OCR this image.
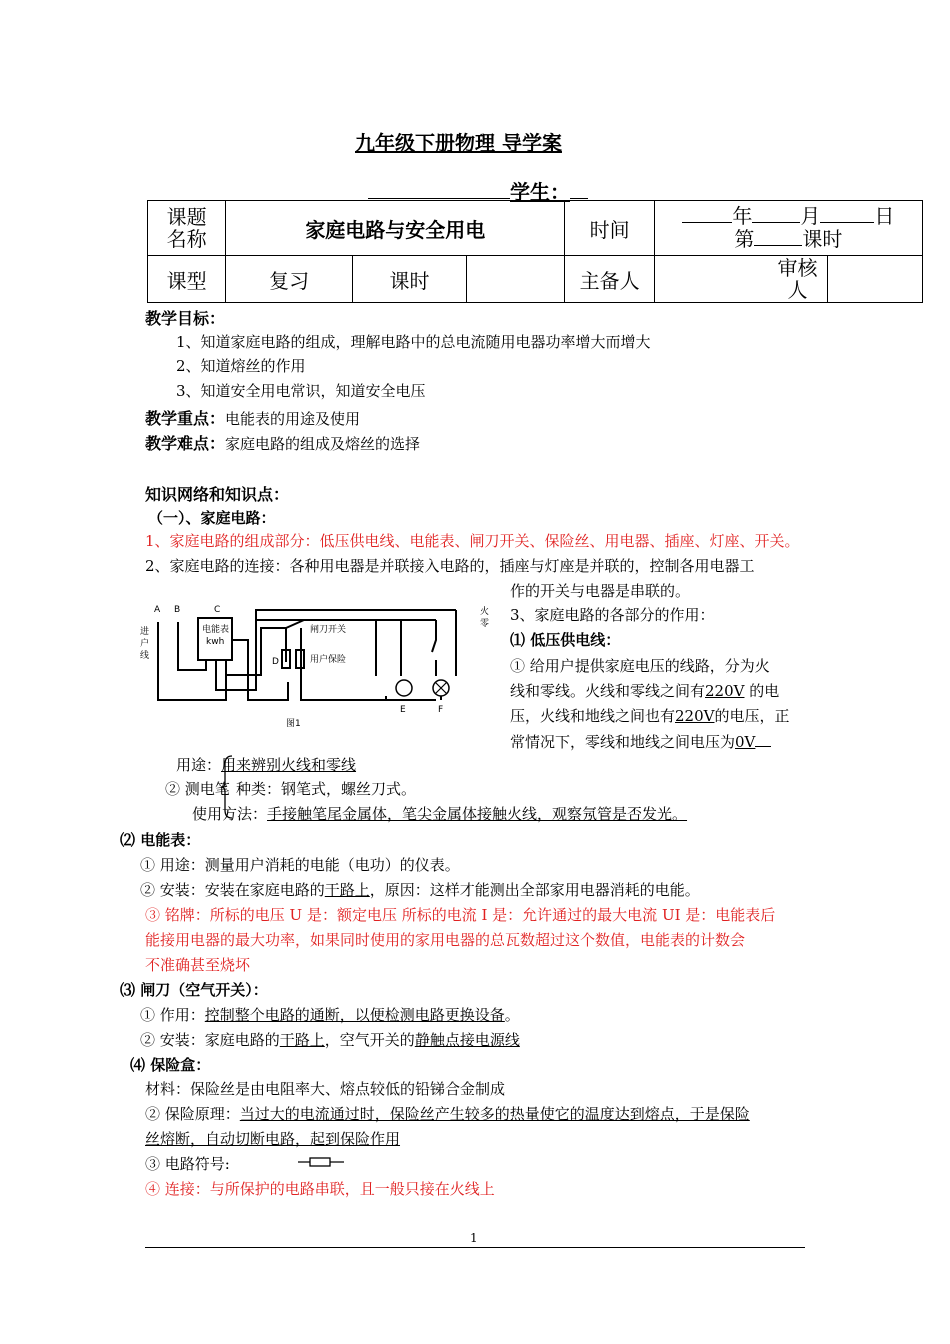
九年级下册物理 导学案
学生：
课题名称	家庭电路与安全用电			时间	年 月 日
第 课时	

课型	复习	课时		主备人	审核人	
教学目标：
1、知道家庭电路的组成，理解电路中的总电流随用电器功率增大而增大
2、知道熔丝的作用
3、知道安全用电常识，知道安全电压
教学重点：电能表的用途及使用
教学难点：家庭电路的组成及熔丝的选择
知识网络和知识点：
（一）、家庭电路：
1、家庭电路的组成部分：低压供电线、电能表、闸刀开关、保险丝、用电器、插座、灯座、开关。
2、家庭电路的连接：各种用电器是并联接入电路的，插座与灯座是并联的，控制各用电器工
作的开关与电器是串联的。
3、家庭电路的各部分的作用：
⑴ 低压供电线：
① 给用户提供家庭电压的线路，分为火
线和零线。火线和零线之间有220V 的电
压，火线和地线之间也有220V的电压，正
常情况下，零线和地线之间电压为0V
A B	C
电能表
kwh
闸刀开关
用户保险
D
E	F
火
零
进
户
线
图1
用途：用来辨别火线和零线
② 测电笔 种类：钢笔式，螺丝刀式。
使用方法：手接触笔尾金属体，笔尖金属体接触火线，观察氖管是否发光。
⑵ 电能表：
① 用途：测量用户消耗的电能（电功）的仪表。
② 安装：安装在家庭电路的干路上，原因：这样才能测出全部家用电器消耗的电能。
③ 铭牌：所标的电压 U 是：额定电压 所标的电流 I 是：允许通过的最大电流 UI 是：电能表后
能接用电器的最大功率，如果同时使用的家用电器的总瓦数超过这个数值，电能表的计数会
不准确甚至烧坏
⑶ 闸刀（空气开关）：
① 作用：控制整个电路的通断，以便检测电路更换设备。
② 安装：家庭电路的干路上，空气开关的静触点接电源线
⑷ 保险盒：
材料：保险丝是由电阻率大、熔点较低的铅锑合金制成
② 保险原理：当过大的电流通过时，保险丝产生较多的热量使它的温度达到熔点，于是保险
丝熔断，自动切断电路，起到保险作用
③ 电路符号:
④ 连接：与所保护的电路串联，且一般只接在火线上
1
